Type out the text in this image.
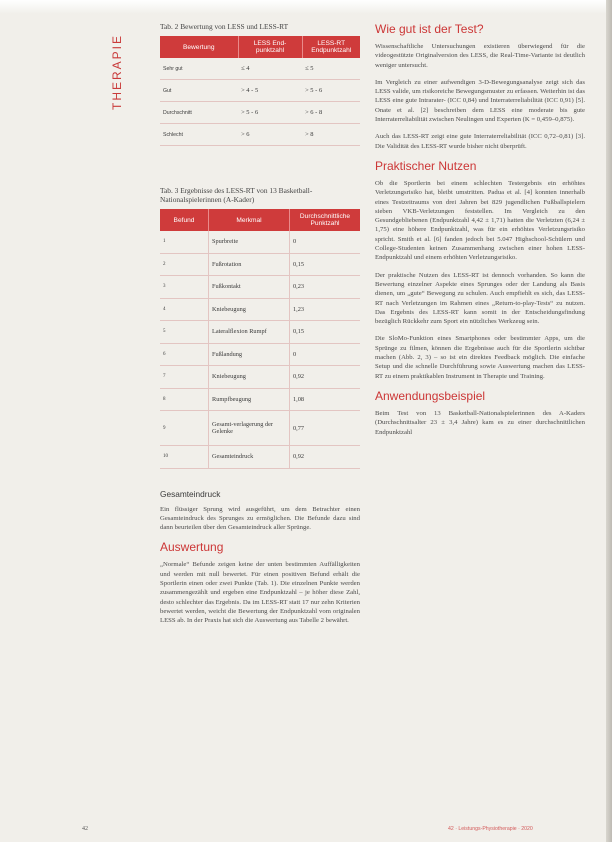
THERAPIE
Tab. 2 Bewertung von LESS und LESS-RT
Bewertung	LESS End-punktzahl	LESS-RT Endpunktzahl
Sehr gut	≤ 4	≤ 5
Gut	> 4 - 5	> 5 - 6
Durchschnitt	> 5 - 6	> 6 - 8
Schlecht	> 6	> 8
Tab. 3 Ergebnisse des LESS-RT von 13 Basketball-Nationalspielerinnen (A-Kader)
Befund	Merkmal	Durchschnittliche Punktzahl
1	Spurbreite	0
2	Fußrotation	0,15
3	Fußkontakt	0,23
4	Kniebeugung	1,23
5	Lateralflexion Rumpf	0,15
6	Fußlandung	0
7	Kniebeugung	0,92
8	Rumpfbeugung	1,08
9	Gesamt-verlagerung der Gelenke	0,77
10	Gesamteindruck	0,92
Gesamteindruck

Ein flüssiger Sprung wird ausgeführt, um dem Betrachter einen Gesamteindruck des Sprunges zu ermöglichen. Die Befunde dazu sind dann beurteilen über den Gesamteindruck aller Sprünge.

Auswertung

„Normale“ Befunde zeigen keine der unten bestimmten Auffälligkeiten und werden mit null bewertet. Für einen positiven Befund erhält die Sportlerin einen oder zwei Punkte (Tab. 1). Die einzelnen Punkte werden zusammengezählt und ergeben eine Endpunktzahl – je höher diese Zahl, desto schlechter das Ergebnis. Da im LESS-RT statt 17 nur zehn Kriterien bewertet werden, weicht die Bewertung der Endpunktzahl vom originalen LESS ab. In der Praxis hat sich die Auswertung aus Tabelle 2 bewährt.

Wie gut ist der Test?

Wissenschaftliche Untersuchungen existieren überwiegend für die videogestützte Originalversion des LESS, die Real-Time-Variante ist deutlich weniger untersucht.

Im Vergleich zu einer aufwendigen 3-D-Bewegungsanalyse zeigt sich das LESS valide, um risikoreiche Bewegungsmuster zu erfassen. Weiterhin ist das LESS eine gute Intrarater- (ICC 0,84) und Interraterreliabilität (ICC 0,91) [5]. Onate et al. [2] beschreiben dem LESS eine moderate bis gute Interraterreliabilität zwischen Neulingen und Experten (K = 0,459–0,875).

Auch das LESS-RT zeigt eine gute Interraterreliabilität (ICC 0,72–0,81) [3]. Die Validität des LESS-RT wurde bisher nicht überprüft.

Praktischer Nutzen

Ob die Sportlerin bei einem schlechten Testergebnis ein erhöhtes Verletzungsrisiko hat, bleibt umstritten. Padua et al. [4] konnten innerhalb eines Testzeitraums von drei Jahren bei 829 jugendlichen Fußballspielern sieben VKB-Verletzungen feststellen. Im Vergleich zu den Gesundgebliebenen (Endpunktzahl 4,42 ± 1,71) hatten die Verletzten (6,24 ± 1,75) eine höhere Endpunktzahl, was für ein erhöhtes Verletzungsrisiko spricht. Smith et al. [6] fanden jedoch bei 5.047 Highschool-Schülern und College-Studenten keinen Zusammenhang zwischen einer hohen LESS-Endpunktzahl und einem erhöhten Verletzungsrisiko.

Der praktische Nutzen des LESS-RT ist dennoch vorhanden. So kann die Bewertung einzelner Aspekte eines Sprunges oder der Landung als Basis dienen, um „gute“ Bewegung zu schulen. Auch empfiehlt es sich, das LESS-RT nach Verletzungen im Rahmen eines „Return-to-play-Tests“ zu nutzen. Das Ergebnis des LESS-RT kann somit in der Entscheidungsfindung bezüglich Rückkehr zum Sport ein nützliches Werkzeug sein.

Die SloMo-Funktion eines Smartphones oder bestimmter Apps, um die Sprünge zu filmen, können die Ergebnisse auch für die Sportlerin sichtbar machen (Abb. 2, 3) – so ist ein direktes Feedback möglich. Die einfache Setup und die schnelle Durchführung sowie Auswertung machen das LESS-RT zu einem praktikablen Instrument in Therapie und Training.

Anwendungsbeispiel

Beim Test von 13 Basketball-Nationalspielerinnen des A-Kaders (Durchschnittsalter 23 ± 3,4 Jahre) kam es zu einer durchschnittlichen Endpunktzahl

42	42 · Leistungs-Physiotherapie · 2020
